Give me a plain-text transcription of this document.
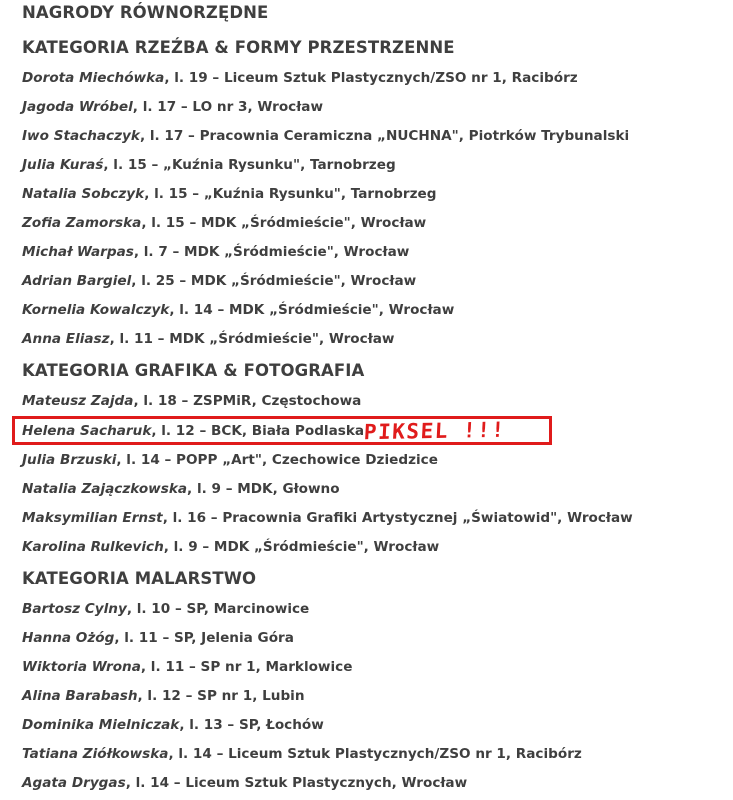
NAGRODY RÓWNORZĘDNE
KATEGORIA RZEŹBA & FORMY PRZESTRZENNE

Dorota Miechówka, l. 19 – Liceum Sztuk Plastycznych/ZSO nr 1, Racibórz

Jagoda Wróbel, l. 17 – LO nr 3, Wrocław

Iwo Stachaczyk, l. 17 – Pracownia Ceramiczna „NUCHNA", Piotrków Trybunalski

Julia Kuraś, l. 15 – „Kuźnia Rysunku", Tarnobrzeg

Natalia Sobczyk, l. 15 – „Kuźnia Rysunku", Tarnobrzeg

Zofia Zamorska, l. 15 – MDK „Śródmieście", Wrocław

Michał Warpas, l. 7 – MDK „Śródmieście", Wrocław

Adrian Bargiel, l. 25 – MDK „Śródmieście", Wrocław

Kornelia Kowalczyk, l. 14 – MDK „Śródmieście", Wrocław

Anna Eliasz, l. 11 – MDK „Śródmieście", Wrocław

KATEGORIA GRAFIKA & FOTOGRAFIA

Mateusz Zajda, l. 18 – ZSPMiR, Częstochowa

Helena Sacharuk, l. 12 – BCK, Biała Podlaska

Julia Brzuski, l. 14 – POPP „Art", Czechowice Dziedzice

Natalia Zajączkowska, l. 9 – MDK, Głowno

Maksymilian Ernst, l. 16 – Pracownia Grafiki Artystycznej „Światowid", Wrocław

Karolina Rulkevich, l. 9 – MDK „Śródmieście", Wrocław

KATEGORIA MALARSTWO

Bartosz Cylny, l. 10 – SP, Marcinowice

Hanna Ożóg, l. 11 – SP, Jelenia Góra

Wiktoria Wrona, l. 11 – SP nr 1, Marklowice

Alina Barabash, l. 12 – SP nr 1, Lubin

Dominika Mielniczak, l. 13 – SP, Łochów

Tatiana Ziółkowska, l. 14 – Liceum Sztuk Plastycznych/ZSO nr 1, Racibórz

Agata Drygas, l. 14 – Liceum Sztuk Plastycznych, Wrocław

PIKSEL !!!
